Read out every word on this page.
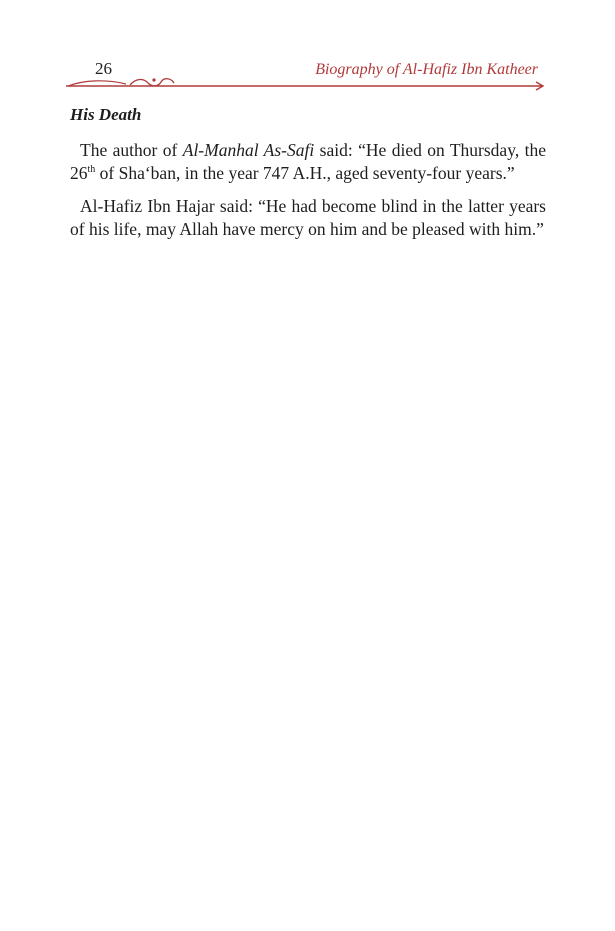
26	Biography of Al-Hafiz Ibn Katheer
His Death

The author of Al-Manhal As-Safi said: “He died on Thursday, the 26th of Sha‘ban, in the year 747 A.H., aged seventy-four years.”

Al-Hafiz Ibn Hajar said: “He had become blind in the latter years of his life, may Allah have mercy on him and be pleased with him.”
